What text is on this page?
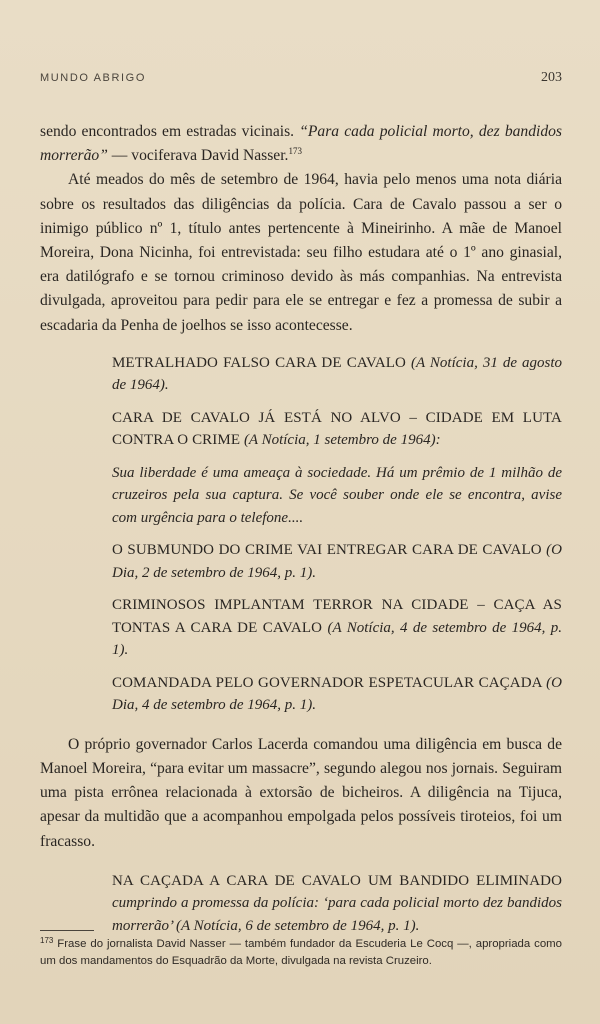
MUNDO ABRIGO	203

sendo encontrados em estradas vicinais. “Para cada policial morto, dez bandidos morrerão” — vociferava David Nasser.$^{173}$

Até meados do mês de setembro de 1964, havia pelo menos uma nota diária sobre os resultados das diligências da polícia. Cara de Cavalo passou a ser o inimigo público nº 1, título antes pertencente à Mineirinho. A mãe de Manoel Moreira, Dona Nicinha, foi entrevistada: seu filho estudara até o 1º ano ginasial, era datilógrafo e se tornou criminoso devido às más companhias. Na entrevista divulgada, aproveitou para pedir para ele se entregar e fez a promessa de subir a escadaria da Penha de joelhos se isso acontecesse.

METRALHADO FALSO CARA DE CAVALO (A Notícia, 31 de agosto de 1964).

CARA DE CAVALO JÁ ESTÁ NO ALVO – CIDADE EM LUTA CONTRA O CRIME (A Notícia, 1 setembro de 1964):

Sua liberdade é uma ameaça à sociedade. Há um prêmio de 1 milhão de cruzeiros pela sua captura. Se você souber onde ele se encontra, avise com urgência para o telefone....

O SUBMUNDO DO CRIME VAI ENTREGAR CARA DE CAVALO (O Dia, 2 de setembro de 1964, p. 1).

CRIMINOSOS IMPLANTAM TERROR NA CIDADE – CAÇA AS TONTAS A CARA DE CAVALO (A Notícia, 4 de setembro de 1964, p. 1).

COMANDADA PELO GOVERNADOR ESPETACULAR CAÇADA (O Dia, 4 de setembro de 1964, p. 1).

O próprio governador Carlos Lacerda comandou uma diligência em busca de Manoel Moreira, “para evitar um massacre”, segundo alegou nos jornais. Seguiram uma pista errônea relacionada à extorsão de bicheiros. A diligência na Tijuca, apesar da multidão que a acompanhou empolgada pelos possíveis tiroteios, foi um fracasso.

NA CAÇADA A CARA DE CAVALO UM BANDIDO ELIMINADO cumprindo a promessa da polícia: ‘para cada policial morto dez bandidos morrerão’ (A Notícia, 6 de setembro de 1964, p. 1).

$^{173}$ Frase do jornalista David Nasser — também fundador da Escuderia Le Cocq —, apropriada como um dos mandamentos do Esquadrão da Morte, divulgada na revista Cruzeiro.
